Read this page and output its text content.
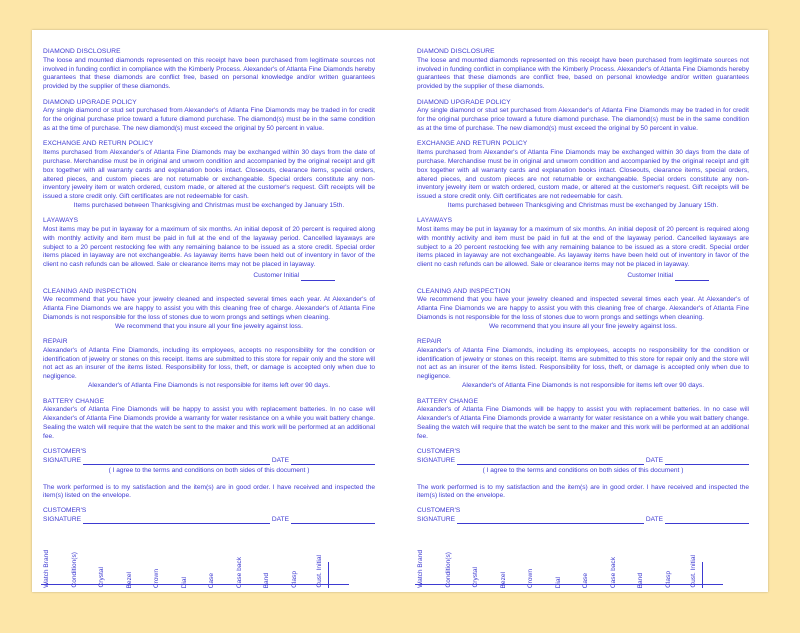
DIAMOND DISCLOSURE

The loose and mounted diamonds represented on this receipt have been purchased from legitimate sources not involved in funding conflict in compliance with the Kimberly Process. Alexander's of Atlanta Fine Diamonds hereby guarantees that these diamonds are conflict free, based on personal knowledge and/or written guarantees provided by the supplier of these diamonds.

DIAMOND UPGRADE POLICY

Any single diamond or stud set purchased from Alexander's of Atlanta Fine Diamonds may be traded in for credit for the original purchase price toward a future diamond purchase. The diamond(s) must be in the same condition as at the time of purchase. The new diamond(s) must exceed the original by 50 percent in value.

EXCHANGE AND RETURN POLICY

Items purchased from Alexander's of Atlanta Fine Diamonds may be exchanged within 30 days from the date of purchase. Merchandise must be in original and unworn condition and accompanied by the original receipt and gift box together with all warranty cards and explanation books intact. Closeouts, clearance items, special orders, altered pieces, and custom pieces are not returnable or exchangeable. Special orders constitute any non-inventory jewelry item or watch ordered, custom made, or altered at the customer's request. Gift receipts will be issued a store credit only. Gift certificates are not redeemable for cash.

Items purchased between Thanksgiving and Christmas must be exchanged by January 15th.

LAYAWAYS

Most items may be put in layaway for a maximum of six months. An initial deposit of 20 percent is required along with monthly activity and item must be paid in full at the end of the layaway period. Cancelled layaways are subject to a 20 percent restocking fee with any remaining balance to be issued as a store credit. Special order items placed in layaway are not exchangeable. As layaway items have been held out of inventory in favor of the client no cash refunds can be allowed. Sale or clearance items may not be placed in layaway.

Customer Initial

CLEANING AND INSPECTION

We recommend that you have your jewelry cleaned and inspected several times each year. At Alexander's of Atlanta Fine Diamonds we are happy to assist you with this cleaning free of charge. Alexander's of Atlanta Fine Diamonds is not responsible for the loss of stones due to worn prongs and settings when cleaning.

We recommend that you insure all your fine jewelry against loss.

REPAIR

Alexander's of Atlanta Fine Diamonds, including its employees, accepts no responsibility for the condition or identification of jewelry or stones on this receipt. Items are submitted to this store for repair only and the store will not act as an insurer of the items listed. Responsibility for loss, theft, or damage is accepted only when due to negligence.

Alexander's of Atlanta Fine Diamonds is not responsible for items left over 90 days.

BATTERY CHANGE

Alexander's of Atlanta Fine Diamonds will be happy to assist you with replacement batteries. In no case will Alexander's of Atlanta Fine Diamonds provide a warranty for water resistance on a while you wait battery change. Sealing the watch will require that the watch be sent to the maker and this work will be performed at an additional fee.

CUSTOMER'S
SIGNATURE	DATE

( I agree to the terms and conditions on both sides of this document )

The work performed is to my satisfaction and the item(s) are in good order. I have received and inspected the item(s) listed on the envelope.

CUSTOMER'S
SIGNATURE	DATE
Watch Brand	Condition(s)	Crystal	Bezel	Crown	Dial	Case	Case back	Band	Clasp	Cust. Initial

DIAMOND DISCLOSURE

The loose and mounted diamonds represented on this receipt have been purchased from legitimate sources not involved in funding conflict in compliance with the Kimberly Process. Alexander's of Atlanta Fine Diamonds hereby guarantees that these diamonds are conflict free, based on personal knowledge and/or written guarantees provided by the supplier of these diamonds.

DIAMOND UPGRADE POLICY

Any single diamond or stud set purchased from Alexander's of Atlanta Fine Diamonds may be traded in for credit for the original purchase price toward a future diamond purchase. The diamond(s) must be in the same condition as at the time of purchase. The new diamond(s) must exceed the original by 50 percent in value.

EXCHANGE AND RETURN POLICY

Items purchased from Alexander's of Atlanta Fine Diamonds may be exchanged within 30 days from the date of purchase. Merchandise must be in original and unworn condition and accompanied by the original receipt and gift box together with all warranty cards and explanation books intact. Closeouts, clearance items, special orders, altered pieces, and custom pieces are not returnable or exchangeable. Special orders constitute any non-inventory jewelry item or watch ordered, custom made, or altered at the customer's request. Gift receipts will be issued a store credit only. Gift certificates are not redeemable for cash.

Items purchased between Thanksgiving and Christmas must be exchanged by January 15th.

LAYAWAYS

Most items may be put in layaway for a maximum of six months. An initial deposit of 20 percent is required along with monthly activity and item must be paid in full at the end of the layaway period. Cancelled layaways are subject to a 20 percent restocking fee with any remaining balance to be issued as a store credit. Special order items placed in layaway are not exchangeable. As layaway items have been held out of inventory in favor of the client no cash refunds can be allowed. Sale or clearance items may not be placed in layaway.

Customer Initial

CLEANING AND INSPECTION

We recommend that you have your jewelry cleaned and inspected several times each year. At Alexander's of Atlanta Fine Diamonds we are happy to assist you with this cleaning free of charge. Alexander's of Atlanta Fine Diamonds is not responsible for the loss of stones due to worn prongs and settings when cleaning.

We recommend that you insure all your fine jewelry against loss.

REPAIR

Alexander's of Atlanta Fine Diamonds, including its employees, accepts no responsibility for the condition or identification of jewelry or stones on this receipt. Items are submitted to this store for repair only and the store will not act as an insurer of the items listed. Responsibility for loss, theft, or damage is accepted only when due to negligence.

Alexander's of Atlanta Fine Diamonds is not responsible for items left over 90 days.

BATTERY CHANGE

Alexander's of Atlanta Fine Diamonds will be happy to assist you with replacement batteries. In no case will Alexander's of Atlanta Fine Diamonds provide a warranty for water resistance on a while you wait battery change. Sealing the watch will require that the watch be sent to the maker and this work will be performed at an additional fee.

CUSTOMER'S
SIGNATURE	DATE

( I agree to the terms and conditions on both sides of this document )

The work performed is to my satisfaction and the item(s) are in good order. I have received and inspected the item(s) listed on the envelope.

CUSTOMER'S
SIGNATURE	DATE
Watch Brand	Condition(s)	Crystal	Bezel	Crown	Dial	Case	Case back	Band	Clasp	Cust. Initial
